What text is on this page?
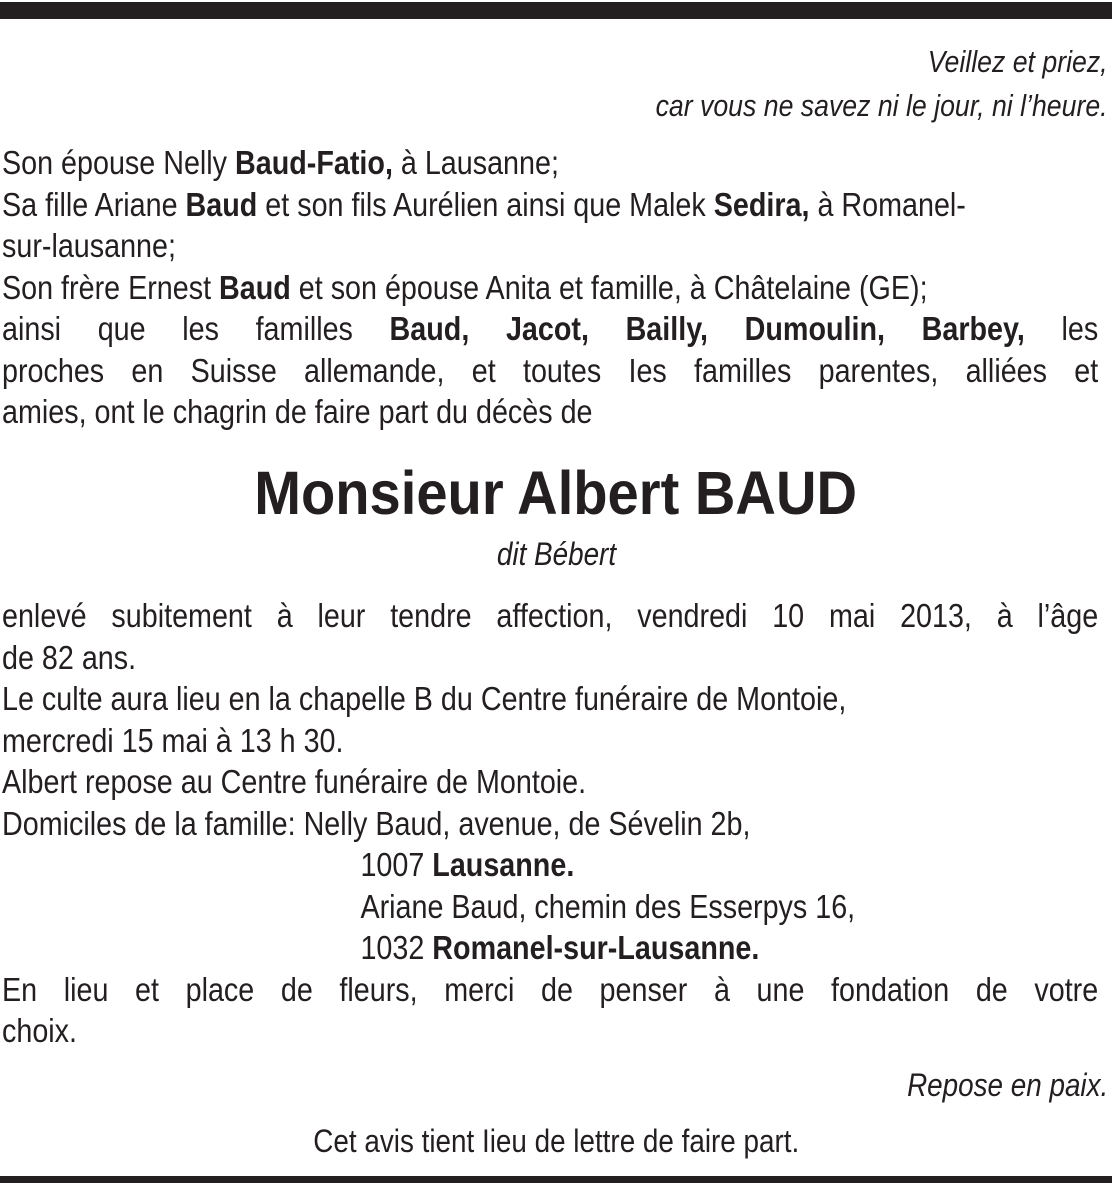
Veillez et priez,
car vous ne savez ni le jour, ni l’heure.
Son épouse Nelly Baud-Fatio, à Lausanne;
Sa fille Ariane Baud et son fils Aurélien ainsi que Malek Sedira, à Romanel-
sur-lausanne;
Son frère Ernest Baud et son épouse Anita et famille, à Châtelaine (GE);
ainsi que les familles Baud, Jacot, Bailly, Dumoulin, Barbey, les
proches en Suisse allemande, et toutes Ies familles parentes, alliées et
amies, ont le chagrin de faire part du décès de
Monsieur Albert BAUD
dit Bébert
enlevé subitement à leur tendre affection, vendredi 10 mai 2013, à l’âge
de 82 ans.
Le culte aura lieu en la chapelle B du Centre funéraire de Montoie,
mercredi 15 mai à 13 h 30.
Albert repose au Centre funéraire de Montoie.
Domiciles de la famille: Nelly Baud, avenue, de Sévelin 2b,
1007 Lausanne.
Ariane Baud, chemin des Esserpys 16,
1032 Romanel-sur-Lausanne.
En lieu et place de fleurs, merci de penser à une fondation de votre
choix.
Repose en paix.
Cet avis tient Iieu de lettre de faire part.
